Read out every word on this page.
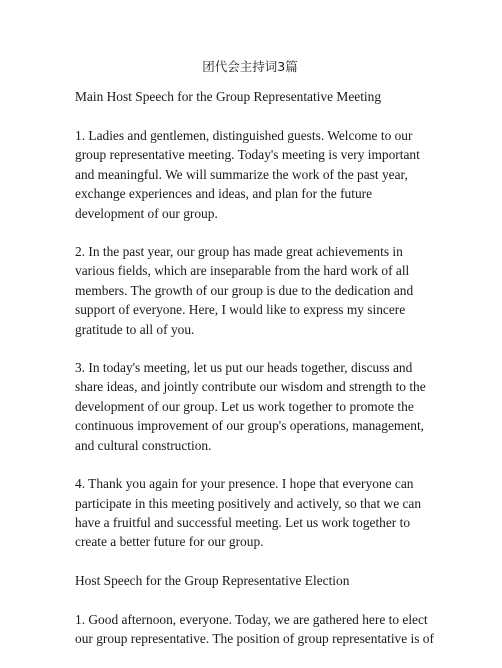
团代会主持词3篇
Main Host Speech for the Group Representative Meeting

1. Ladies and gentlemen, distinguished guests. Welcome to our group representative meeting. Today's meeting is very important and meaningful. We will summarize the work of the past year, exchange experiences and ideas, and plan for the future development of our group.

2. In the past year, our group has made great achievements in various fields, which are inseparable from the hard work of all members. The growth of our group is due to the dedication and support of everyone. Here, I would like to express my sincere gratitude to all of you.

3. In today's meeting, let us put our heads together, discuss and share ideas, and jointly contribute our wisdom and strength to the development of our group. Let us work together to promote the continuous improvement of our group's operations, management, and cultural construction.

4. Thank you again for your presence. I hope that everyone can participate in this meeting positively and actively, so that we can have a fruitful and successful meeting. Let us work together to create a better future for our group.

Host Speech for the Group Representative Election

1. Good afternoon, everyone. Today, we are gathered here to elect our group representative. The position of group representative is of
